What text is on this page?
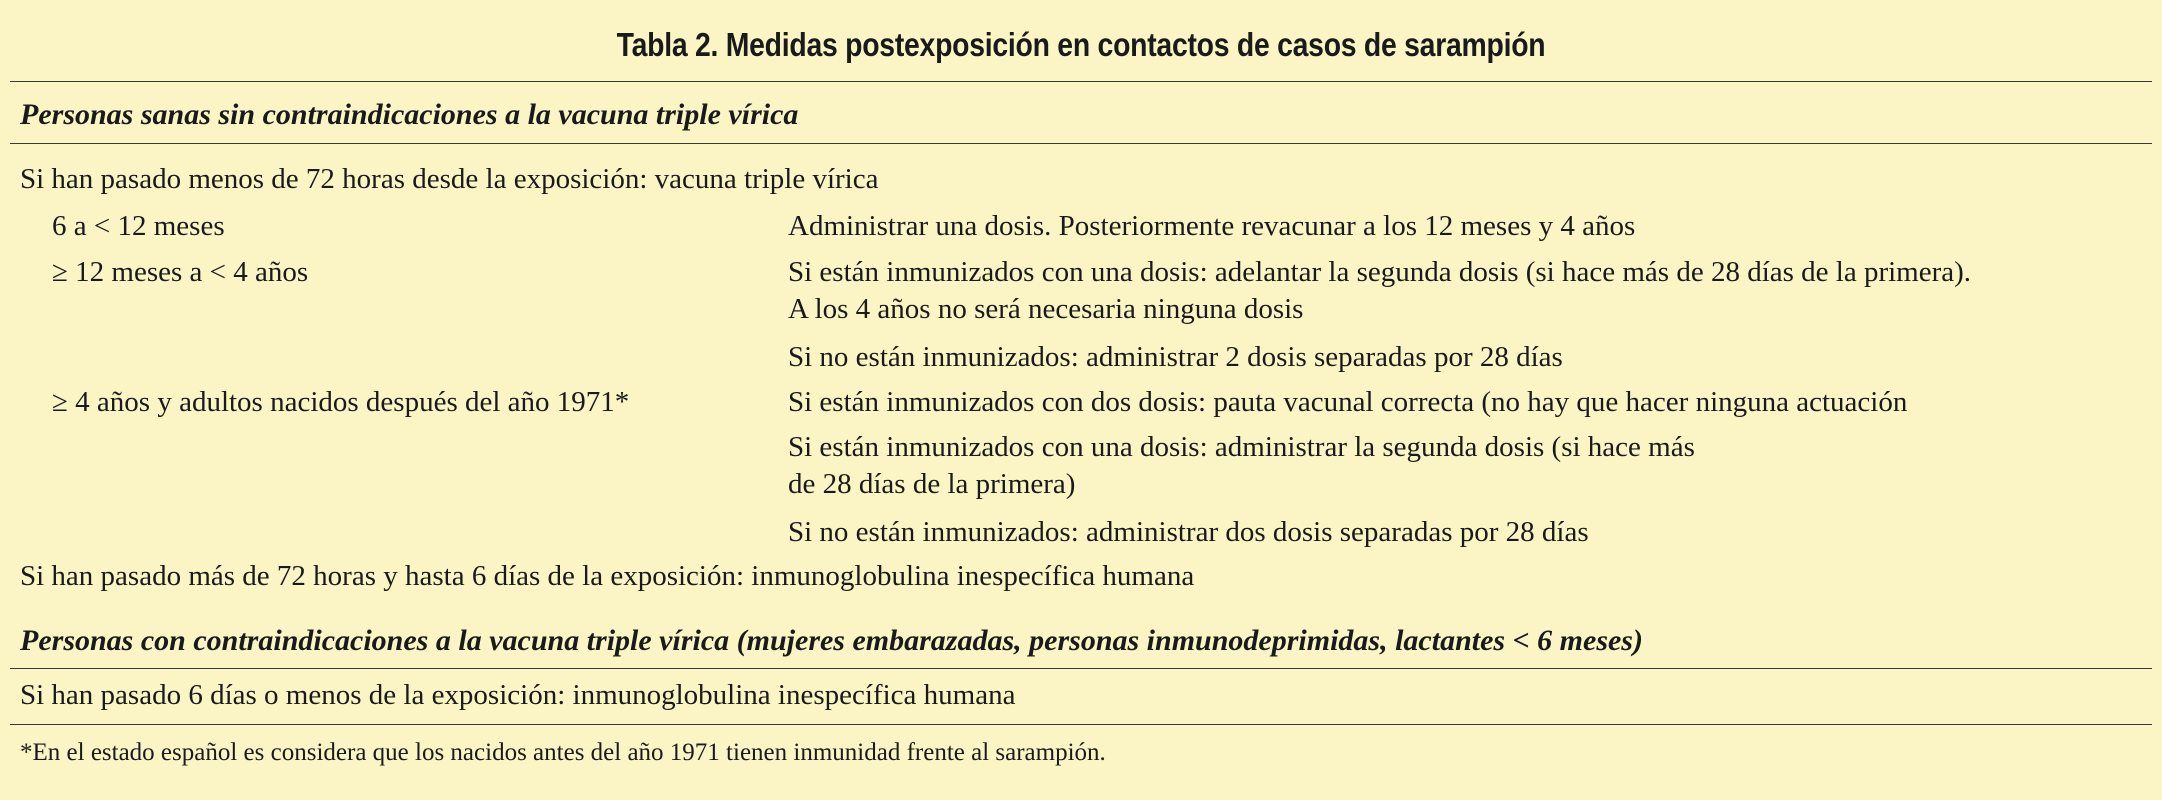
Tabla 2. Medidas postexposición en contactos de casos de sarampión
Personas sanas sin contraindicaciones a la vacuna triple vírica
Si han pasado menos de 72 horas desde la exposición: vacuna triple vírica
6 a < 12 meses	Administrar una dosis. Posteriormente revacunar a los 12 meses y 4 años
≥ 12 meses a < 4 años	Si están inmunizados con una dosis: adelantar la segunda dosis (si hace más de 28 días de la primera).
A los 4 años no será necesaria ninguna dosis
Si no están inmunizados: administrar 2 dosis separadas por 28 días
≥ 4 años y adultos nacidos después del año 1971*	Si están inmunizados con dos dosis: pauta vacunal correcta (no hay que hacer ninguna actuación
Si están inmunizados con una dosis: administrar la segunda dosis (si hace más
de 28 días de la primera)
Si no están inmunizados: administrar dos dosis separadas por 28 días
Si han pasado más de 72 horas y hasta 6 días de la exposición: inmunoglobulina inespecífica humana
Personas con contraindicaciones a la vacuna triple vírica (mujeres embarazadas, personas inmunodeprimidas, lactantes < 6 meses)
Si han pasado 6 días o menos de la exposición: inmunoglobulina inespecífica humana
*En el estado español es considera que los nacidos antes del año 1971 tienen inmunidad frente al sarampión.
